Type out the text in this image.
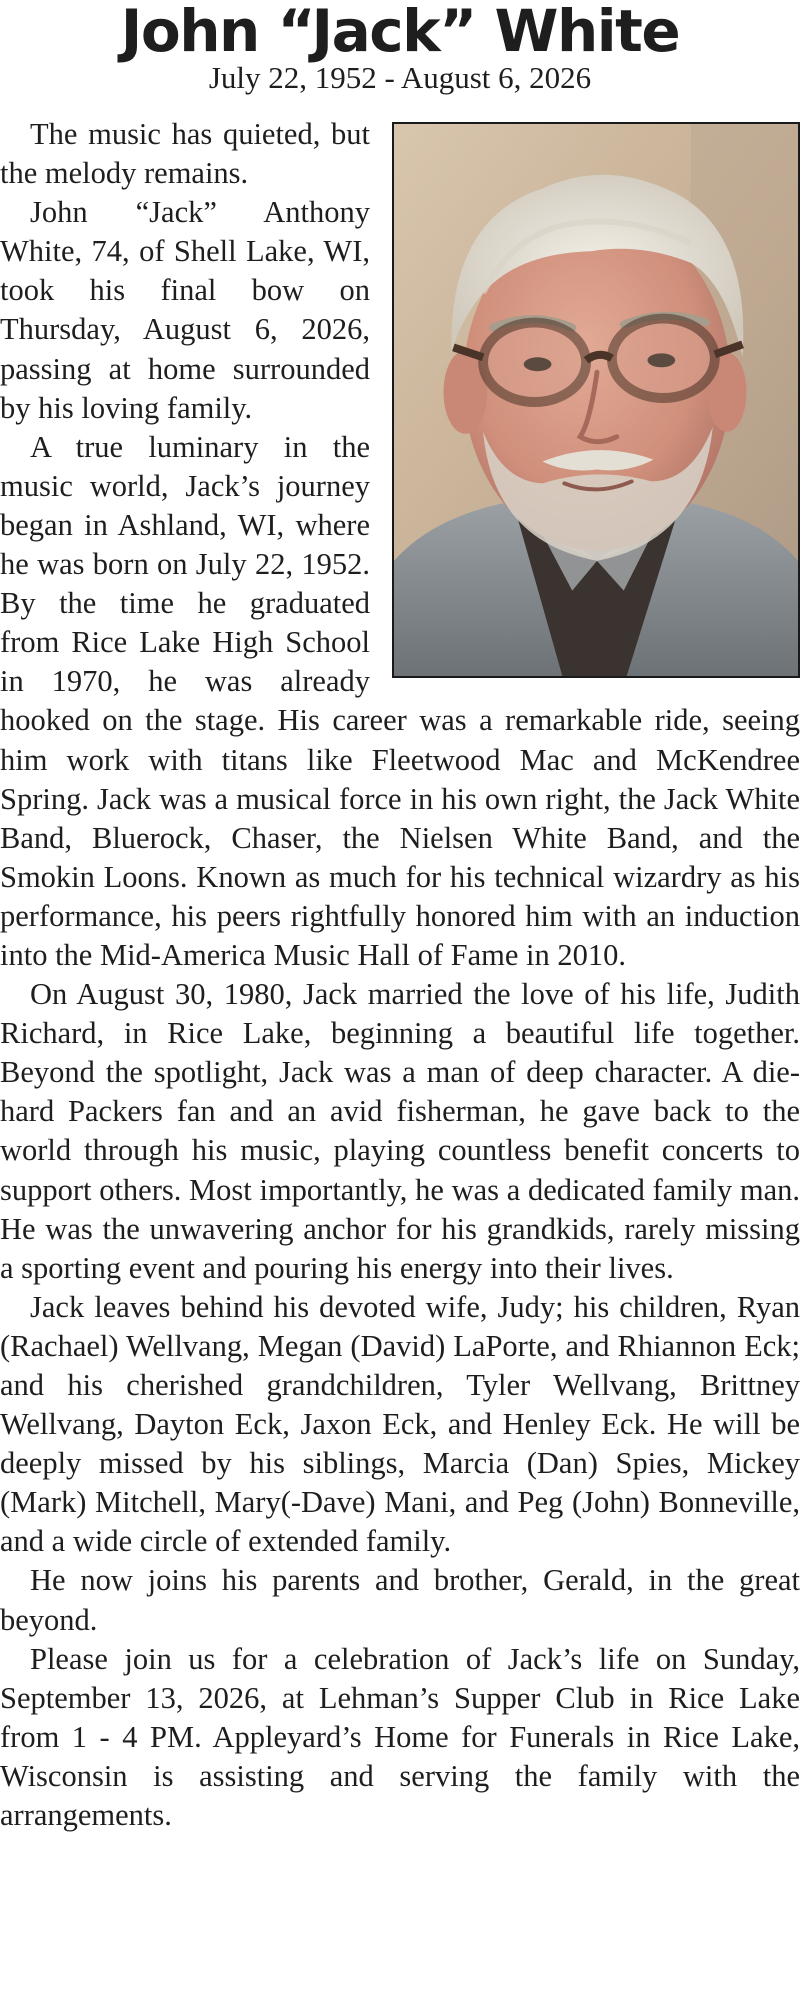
John “Jack” White
July 22, 1952 - August 6, 2026

The music has quieted, but the melody remains.

John “Jack” Anthony White, 74, of Shell Lake, WI, took his final bow on Thursday, August 6, 2026, passing at home surrounded by his loving family.

A true luminary in the music world, Jack’s journey began in Ashland, WI, where he was born on July 22, 1952. By the time he graduated from Rice Lake High School in 1970, he was already hooked on the stage. His career was a remarkable ride, seeing him work with titans like Fleetwood Mac and McKendree Spring. Jack was a musical force in his own right, the Jack White Band, Bluerock, Chaser, the Nielsen White Band, and the Smokin Loons. Known as much for his technical wizardry as his performance, his peers rightfully honored him with an induction into the Mid-America Music Hall of Fame in 2010.

On August 30, 1980, Jack married the love of his life, Judith Richard, in Rice Lake, beginning a beautiful life together. Beyond the spotlight, Jack was a man of deep character. A die-hard Packers fan and an avid fisherman, he gave back to the world through his music, playing countless benefit concerts to support others. Most importantly, he was a dedicated family man. He was the unwavering anchor for his grandkids, rarely missing a sporting event and pouring his energy into their lives.

Jack leaves behind his devoted wife, Judy; his children, Ryan (Rachael) Wellvang, Megan (David) LaPorte, and Rhiannon Eck; and his cherished grandchildren, Tyler Wellvang, Brittney Wellvang, Dayton Eck, Jaxon Eck, and Henley Eck. He will be deeply missed by his siblings, Marcia (Dan) Spies, Mickey (Mark) Mitchell, Mary(-Dave) Mani, and Peg (John) Bonneville, and a wide circle of extended family.

He now joins his parents and brother, Gerald, in the great beyond.

Please join us for a celebration of Jack’s life on Sunday, September 13, 2026, at Lehman’s Supper Club in Rice Lake from 1 - 4 PM. Appleyard’s Home for Funerals in Rice Lake, Wisconsin is assisting and serving the family with the arrangements.
